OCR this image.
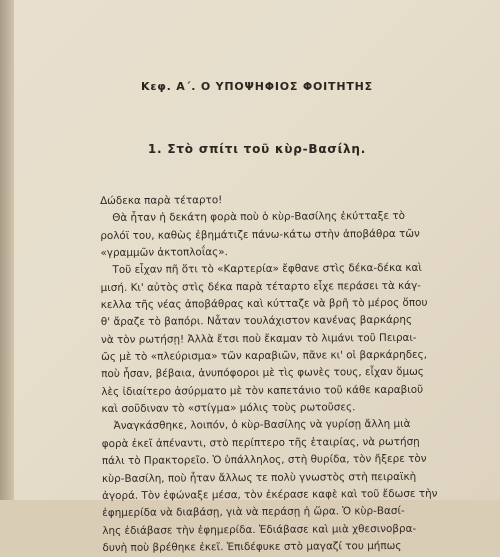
Κεφ. Α΄. Ο ΥΠΟΨΗΦΙΟΣ ΦΟΙΤΗΤΗΣ
1. Στὸ σπίτι τοῦ κὺρ-Βασίλη.
Δώδεκα παρὰ τέταρτο!
Θὰ ἦταν ἡ δεκάτη φορὰ ποὺ ὁ κὺρ-Βασίλης ἐκύτταξε τὸ
ρολόϊ του, καθὼς ἐβημάτιζε πάνω-κάτω στὴν ἀποβάθρα τῶν
«γραμμῶν ἀκτοπλοΐας».
Τοῦ εἶχαν πῆ ὅτι τὸ «Καρτερία» ἔφθανε στὶς δέκα-δέκα καὶ
μισή. Κι' αὐτὸς στὶς δέκα παρὰ τέταρτο εἶχε περάσει τὰ κάγ-
κελλα τῆς νέας ἀποβάθρας καὶ κύτταζε νὰ βρῆ τὸ μέρος ὅπου
θ' ἄραζε τὸ βαπόρι. Νἆταν τουλάχιστον κανένας βαρκάρης
νὰ τὸν ρωτήσῃ! Ἀλλὰ ἔτσι ποὺ ἔκαμαν τὸ λιμάνι τοῦ Πειραι-
ῶς μὲ τὸ «πλεύρισμα» τῶν καραβιῶν, πᾶνε κι' οἱ βαρκάρηδες,
ποὺ ἦσαν, βέβαια, ἀνυπόφοροι μὲ τὶς φωνὲς τους, εἶχαν ὅμως
λὲς ἰδιαίτερο ἀσύρματο μὲ τὸν καπετάνιο τοῦ κάθε καραβιοῦ
καὶ σοῦδιναν τὸ «στίγμα» μόλις τοὺς ρωτοῦσες.
Ἀναγκάσθηκε, λοιπόν, ὁ κὺρ-Βασίλης νὰ γυρίσῃ ἄλλη μιὰ
φορὰ ἐκεῖ ἀπέναντι, στὸ περίπτερο τῆς ἑταιρίας, νὰ ρωτήσῃ
πάλι τὸ Πρακτορεῖο. Ὁ ὑπάλληλος, στὴ θυρίδα, τὸν ἤξερε τὸν
κὺρ-Βασίλη, ποὺ ἦταν ἄλλως τε πολὺ γνωστὸς στὴ πειραϊκὴ
ἀγορά. Τὸν ἐφώναξε μέσα, τὸν ἐκέρασε καφὲ καὶ τοῦ ἔδωσε τὴν
ἐφημερίδα νὰ διαβάσῃ, γιὰ νὰ περάσῃ ἡ ὥρα. Ὁ κὺρ-Βασί-
λης ἐδιάβασε τὴν ἐφημερίδα. Ἐδιάβασε καὶ μιὰ χθεσινοβρα-
δυνὴ ποὺ βρέθηκε ἐκεῖ. Ἐπιδέφυκε στὸ μαγαζί του μήπως
